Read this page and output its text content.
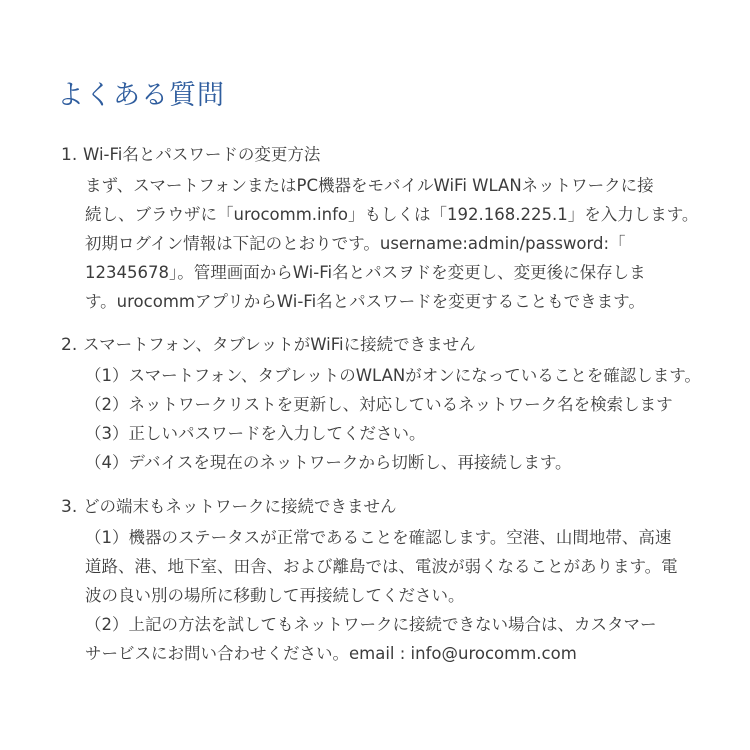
よくある質問
1. Wi-Fi名とパスワードの変更方法
まず、スマートフォンまたはPC機器をモバイルWiFi WLANネットワークに接
続し、ブラウザに「urocomm.info」もしくは「192.168.225.1」を入力します。
初期ログイン情報は下記のとおりです。username:admin/password:「
12345678」。管理画面からWi-Fi名とパスヲドを変更し、変更後に保存しま
す。urocommアプリからWi-Fi名とパスワードを変更することもできます。
2. スマートフォン、タブレットがWiFiに接続できません
（1）スマートフォン、タブレットのWLANがオンになっていることを確認します。
（2）ネットワークリストを更新し、対応しているネットワーク名を検索します
（3）正しいパスワードを入力してください。
（4）デバイスを現在のネットワークから切断し、再接続します。
3. どの端末もネットワークに接続できません
（1）機器のステータスが正常であることを確認します。空港、山間地帯、高速
道路、港、地下室、田舎、および離島では、電波が弱くなることがあります。電
波の良い別の場所に移動して再接続してください。
（2）上記の方法を試してもネットワークに接続できない場合は、カスタマー
サービスにお問い合わせください。email : info@urocomm.com
